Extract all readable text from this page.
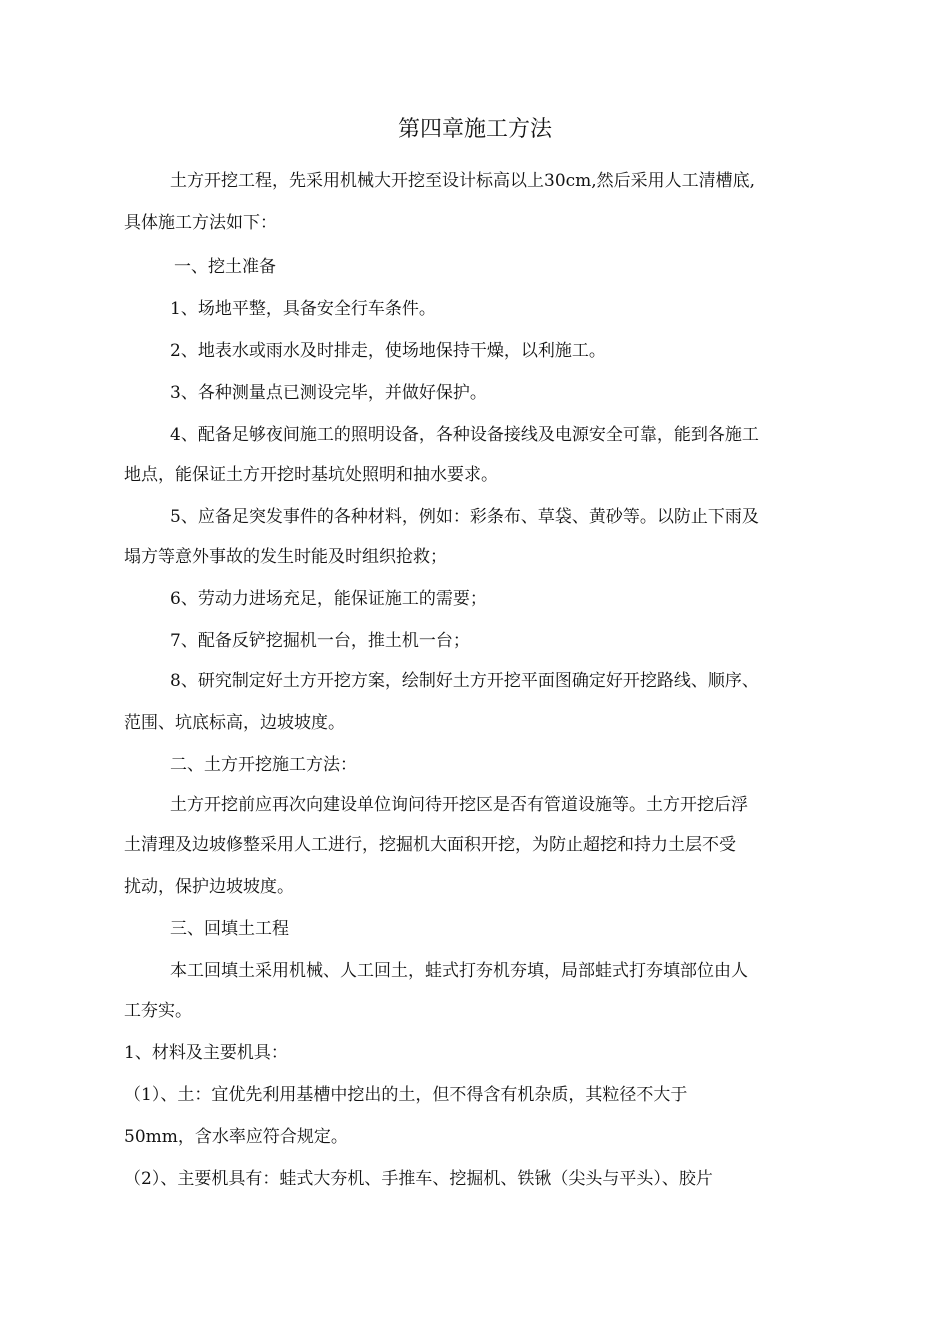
第四章施工方法
土方开挖工程，先采用机械大开挖至设计标高以上30cm,然后采用人工清槽底,
具体施工方法如下：
一、挖土准备
1、场地平整，具备安全行车条件。
2、地表水或雨水及时排走，使场地保持干燥，以利施工。
3、各种测量点已测设完毕，并做好保护。
4、配备足够夜间施工的照明设备，各种设备接线及电源安全可靠，能到各施工
地点，能保证土方开挖时基坑处照明和抽水要求。
5、应备足突发事件的各种材料，例如：彩条布、草袋、黄砂等。以防止下雨及
塌方等意外事故的发生时能及时组织抢救；
6、劳动力进场充足，能保证施工的需要；
7、配备反铲挖掘机一台，推土机一台；
8、研究制定好土方开挖方案，绘制好土方开挖平面图确定好开挖路线、顺序、
范围、坑底标高，边坡坡度。
二、土方开挖施工方法：
土方开挖前应再次向建设单位询问待开挖区是否有管道设施等。土方开挖后浮
土清理及边坡修整采用人工进行，挖掘机大面积开挖，为防止超挖和持力土层不受
扰动，保护边坡坡度。
三、回填土工程
本工回填土采用机械、人工回土，蛙式打夯机夯填，局部蛙式打夯填部位由人
工夯实。
1、材料及主要机具：
（1）、土：宜优先利用基槽中挖出的土，但不得含有机杂质，其粒径不大于
50mm，含水率应符合规定。
（2）、主要机具有：蛙式大夯机、手推车、挖掘机、铁锹（尖头与平头）、胶片
